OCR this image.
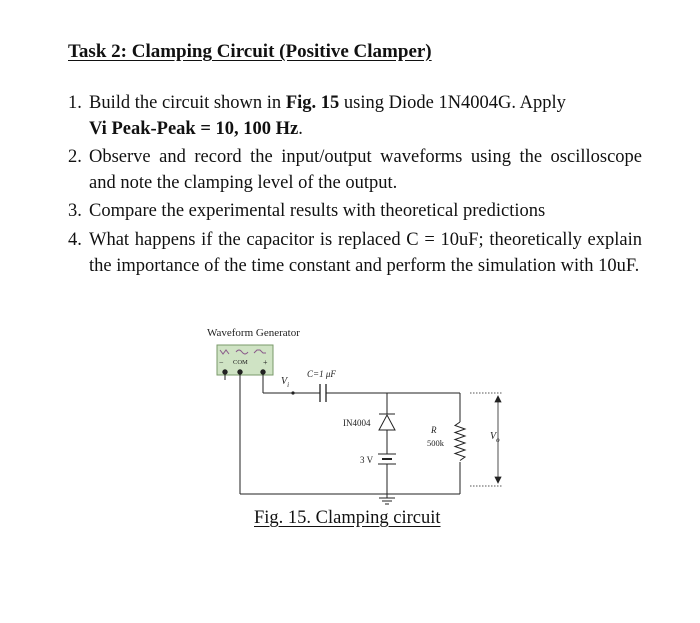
Task 2: Clamping Circuit (Positive Clamper)
1. Build the circuit shown in Fig. 15 using Diode 1N4004G. Apply
Vi Peak-Peak = 10, 100 Hz.
2. Observe and record the input/output waveforms using the oscilloscope and note the clamping level of the output.
3. Compare the experimental results with theoretical predictions
4. What happens if the capacitor is replaced C = 10uF; theoretically explain the importance of the time constant and perform the simulation with 10uF.
Waveform Generator
− COM +
$V_i$
C=1 μF
IN4004
3 V
R
500k
$V_o$
Fig. 15. Clamping circuit
